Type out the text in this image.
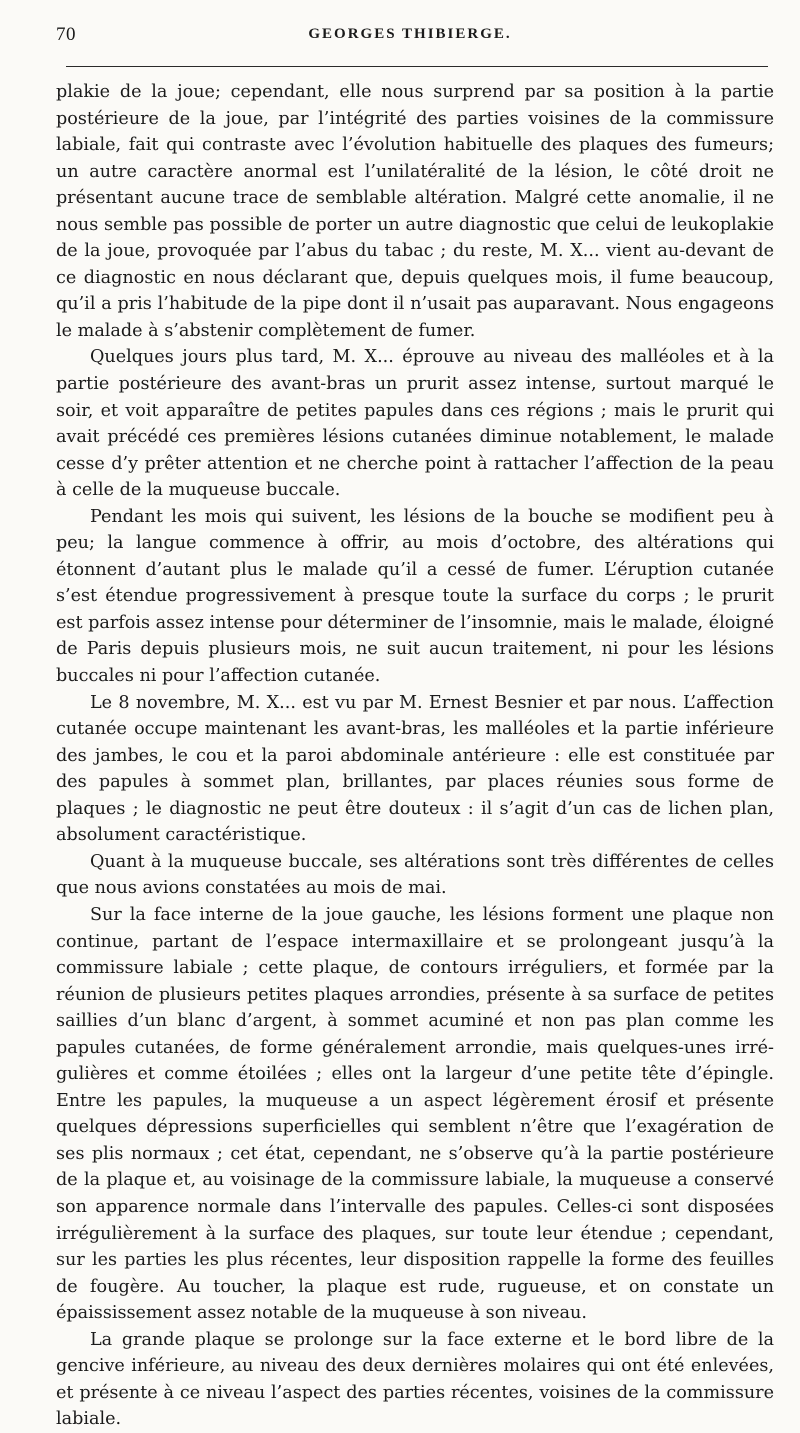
70	GEORGES THIBIERGE.

plakie de la joue; cependant, elle nous surprend par sa position à la partie postérieure de la joue, par l’intégrité des parties voisines de la commissure labiale, fait qui contraste avec l’évolution habituelle des plaques des fumeurs; un autre caractère anormal est l’unilatéralité de la lésion, le côté droit ne présentant aucune trace de semblable altération. Malgré cette anomalie, il ne nous semble pas possible de porter un autre diagnostic que celui de leukoplakie de la joue, provoquée par l’abus du tabac ; du reste, M. X... vient au-devant de ce diagnostic en nous déclarant que, depuis quelques mois, il fume beaucoup, qu’il a pris l’habitude de la pipe dont il n’usait pas auparavant. Nous engageons le malade à s’abstenir complètement de fumer.

Quelques jours plus tard, M. X... éprouve au niveau des malléoles et à la partie postérieure des avant-bras un prurit assez intense, surtout marqué le soir, et voit apparaître de petites papules dans ces régions ; mais le prurit qui avait précédé ces premières lésions cutanées diminue notablement, le malade cesse d’y prêter attention et ne cherche point à rattacher l’affection de la peau à celle de la muqueuse buccale.

Pendant les mois qui suivent, les lésions de la bouche se modifient peu à peu; la langue commence à offrir, au mois d’octobre, des altérations qui étonnent d’autant plus le malade qu’il a cessé de fumer. L’éruption cutanée s’est étendue progressivement à presque toute la surface du corps ; le prurit est parfois assez intense pour déterminer de l’insomnie, mais le malade, éloigné de Paris depuis plusieurs mois, ne suit aucun traitement, ni pour les lésions buccales ni pour l’affection cutanée.

Le 8 novembre, M. X... est vu par M. Ernest Besnier et par nous. L’affection cutanée occupe maintenant les avant-bras, les malléoles et la partie inférieure des jambes, le cou et la paroi abdominale antérieure : elle est constituée par des papules à sommet plan, brillantes, par places réunies sous forme de plaques ; le diagnostic ne peut être douteux : il s’agit d’un cas de lichen plan, absolument caractéristique.

Quant à la muqueuse buccale, ses altérations sont très différentes de celles que nous avions constatées au mois de mai.

Sur la face interne de la joue gauche, les lésions forment une plaque non continue, partant de l’espace intermaxillaire et se prolongeant jusqu’à la commissure labiale ; cette plaque, de contours irréguliers, et formée par la réunion de plusieurs petites plaques arrondies, présente à sa surface de petites saillies d’un blanc d’argent, à sommet acuminé et non pas plan comme les papules cutanées, de forme généralement arrondie, mais quelques-unes irrégulières et comme étoilées ; elles ont la largeur d’une petite tête d’épingle. Entre les papules, la muqueuse a un aspect légèrement érosif et présente quelques dépressions superficielles qui semblent n’être que l’exagération de ses plis normaux ; cet état, cependant, ne s’observe qu’à la partie postérieure de la plaque et, au voisinage de la commissure labiale, la muqueuse a conservé son apparence normale dans l’intervalle des papules. Celles-ci sont disposées irrégulièrement à la surface des plaques, sur toute leur étendue ; cependant, sur les parties les plus récentes, leur disposition rappelle la forme des feuilles de fougère. Au toucher, la plaque est rude, rugueuse, et on constate un épaississement assez notable de la muqueuse à son niveau.

La grande plaque se prolonge sur la face externe et le bord libre de la gencive inférieure, au niveau des deux dernières molaires qui ont été enlevées, et présente à ce niveau l’aspect des parties récentes, voisines de la commissure labiale.
